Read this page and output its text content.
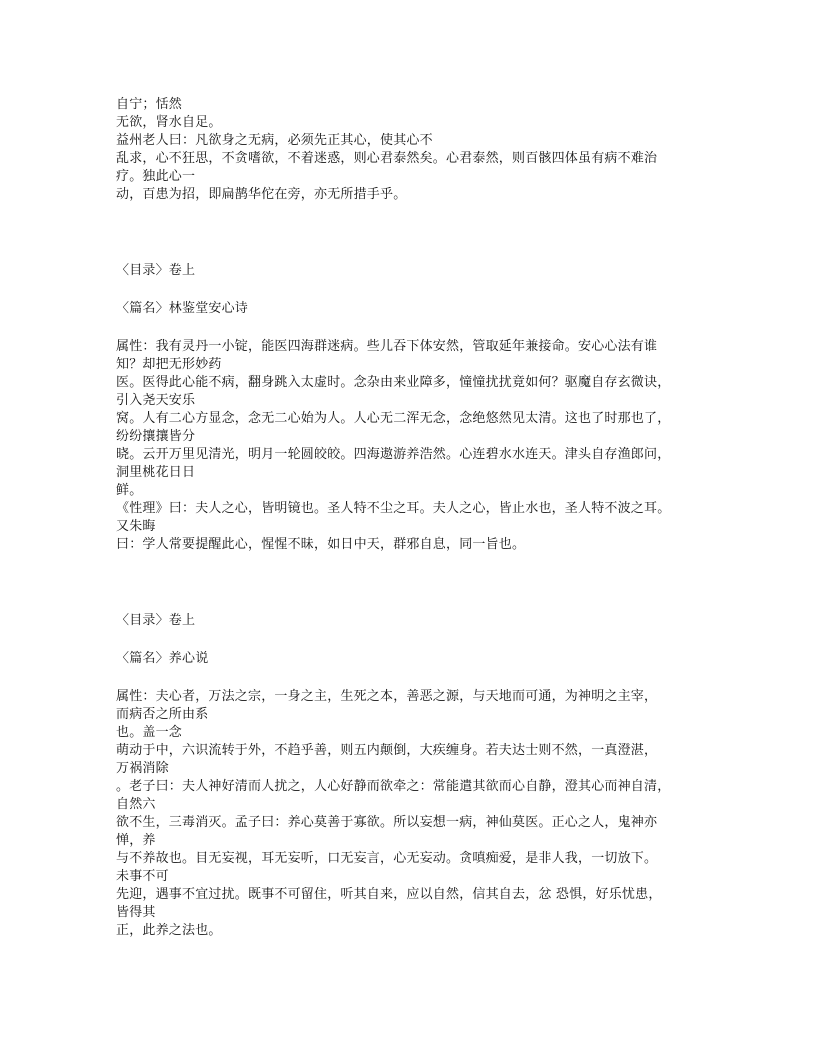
自宁；恬然
无欲，肾水自足。
益州老人曰：凡欲身之无病，必须先正其心，使其心不
乱求，心不狂思，不贪嗜欲，不着迷惑，则心君泰然矣。心君泰然，则百骸四体虽有病不难治
疗。独此心一
动，百患为招，即扁鹊华佗在旁，亦无所措手乎。
〈目录〉卷上
〈篇名〉林鉴堂安心诗
属性：我有灵丹一小锭，能医四海群迷病。些儿吞下体安然，管取延年兼接命。安心心法有谁
知？却把无形妙药
医。医得此心能不病，翻身跳入太虚时。念杂由来业障多，憧憧扰扰竟如何？驱魔自存玄微诀，
引入尧天安乐
窝。人有二心方显念，念无二心始为人。人心无二浑无念，念绝悠然见太清。这也了时那也了，
纷纷攘攘皆分
晓。云开万里见清光，明月一轮圆皎皎。四海遨游养浩然。心连碧水水连天。津头自存渔郎问，
洞里桃花日日
鲜。
《性理》曰：夫人之心，皆明镜也。圣人特不尘之耳。夫人之心，皆止水也，圣人特不波之耳。
又朱晦
曰：学人常要提醒此心，惺惺不昧，如日中天，群邪自息，同一旨也。
〈目录〉卷上
〈篇名〉养心说
属性：夫心者，万法之宗，一身之主，生死之本，善恶之源，与天地而可通，为神明之主宰，
而病否之所由系
也。盖一念
萌动于中，六识流转于外，不趋乎善，则五内颠倒，大疾缠身。若夫达士则不然，一真澄湛，
万祸消除
。老子曰：夫人神好清而人扰之，人心好静而欲牵之：常能遣其欲而心自静，澄其心而神自清，
自然六
欲不生，三毒消灭。孟子曰：养心莫善于寡欲。所以妄想一病，神仙莫医。正心之人，鬼神亦
惮，养
与不养故也。目无妄视，耳无妄听，口无妄言，心无妄动。贪嗔痴爱，是非人我，一切放下。
未事不可
先迎，遇事不宜过扰。既事不可留住，听其自来，应以自然，信其自去，忿 恐惧，好乐忧患，
皆得其
正，此养之法也。
